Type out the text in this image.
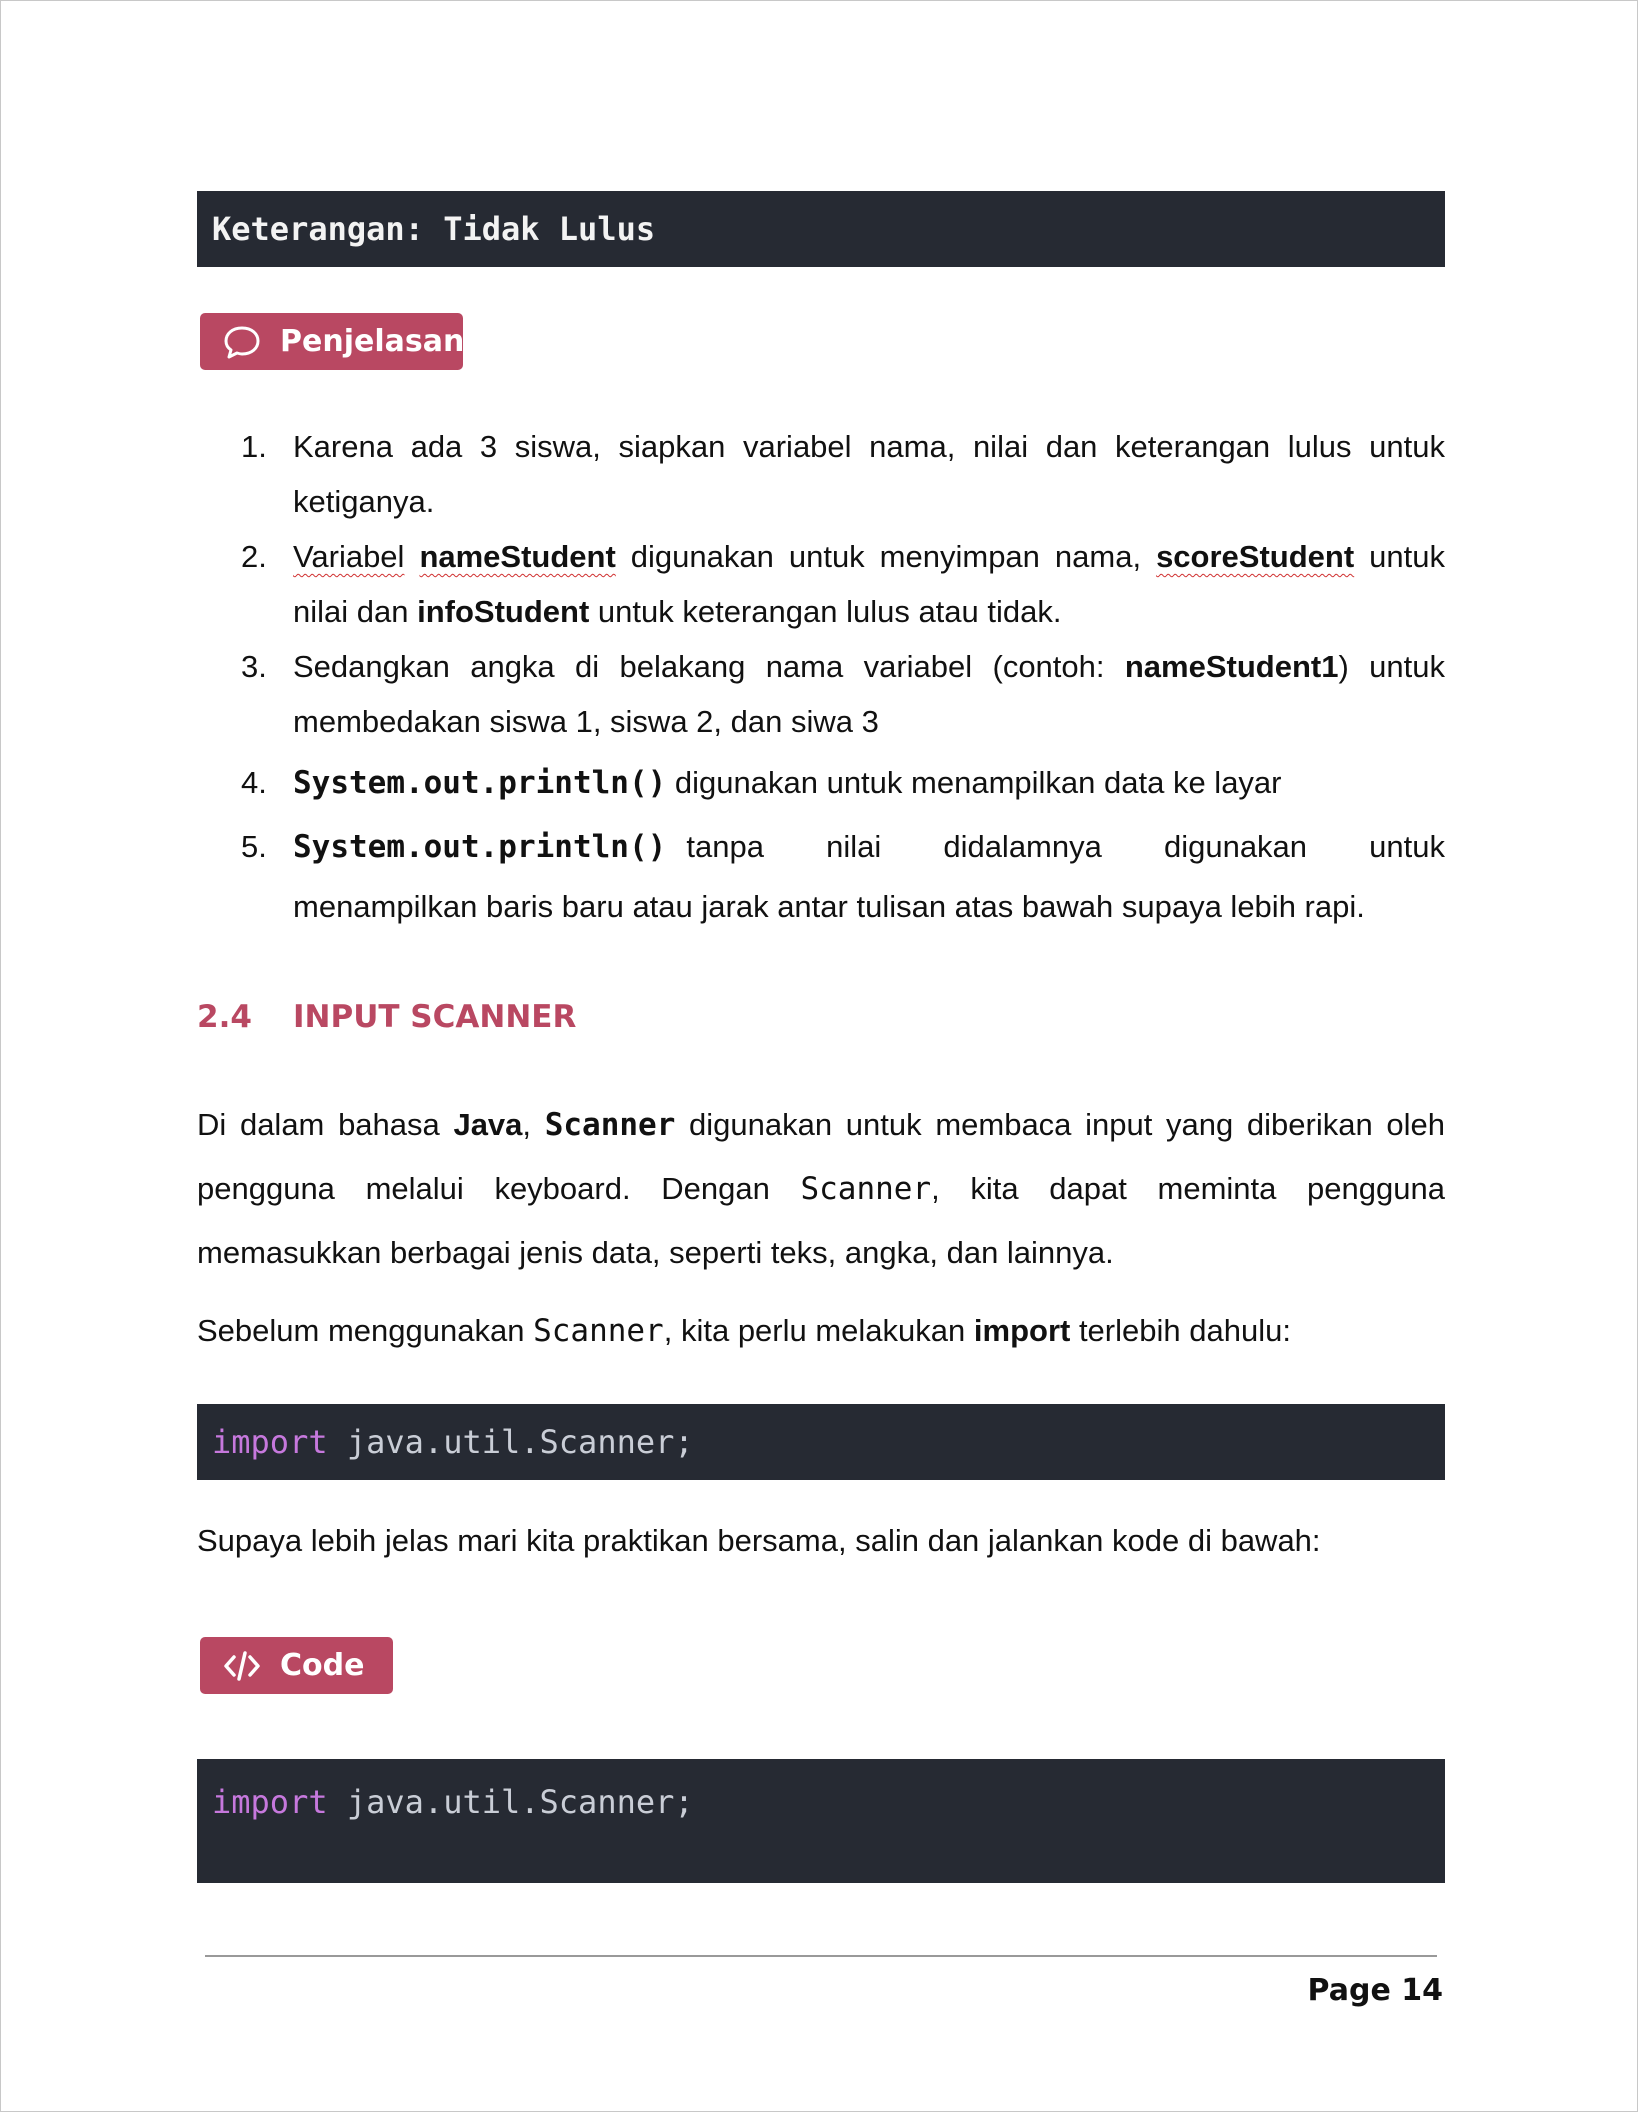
Keterangan: Tidak Lulus
Penjelasan
1. Karena ada 3 siswa, siapkan variabel nama, nilai dan keterangan lulus untuk ketiganya.
2. Variabel nameStudent digunakan untuk menyimpan nama, scoreStudent untuk nilai dan infoStudent untuk keterangan lulus atau tidak.
3. Sedangkan angka di belakang nama variabel (contoh: nameStudent1) untuk membedakan siswa 1, siswa 2, dan siwa 3
4. System.out.println() digunakan untuk menampilkan data ke layar
5. System.out.println() tanpa nilai didalamnya digunakan untuk
menampilkan baris baru atau jarak antar tulisan atas bawah supaya lebih rapi.
2.4 INPUT SCANNER

Di dalam bahasa Java, Scanner digunakan untuk membaca input yang diberikan oleh pengguna melalui keyboard. Dengan Scanner, kita dapat meminta pengguna memasukkan berbagai jenis data, seperti teks, angka, dan lainnya.

Sebelum menggunakan Scanner, kita perlu melakukan import terlebih dahulu:

import java.util.Scanner;

Supaya lebih jelas mari kita praktikan bersama, salin dan jalankan kode di bawah:

Code
import java.util.Scanner;
Page 14
